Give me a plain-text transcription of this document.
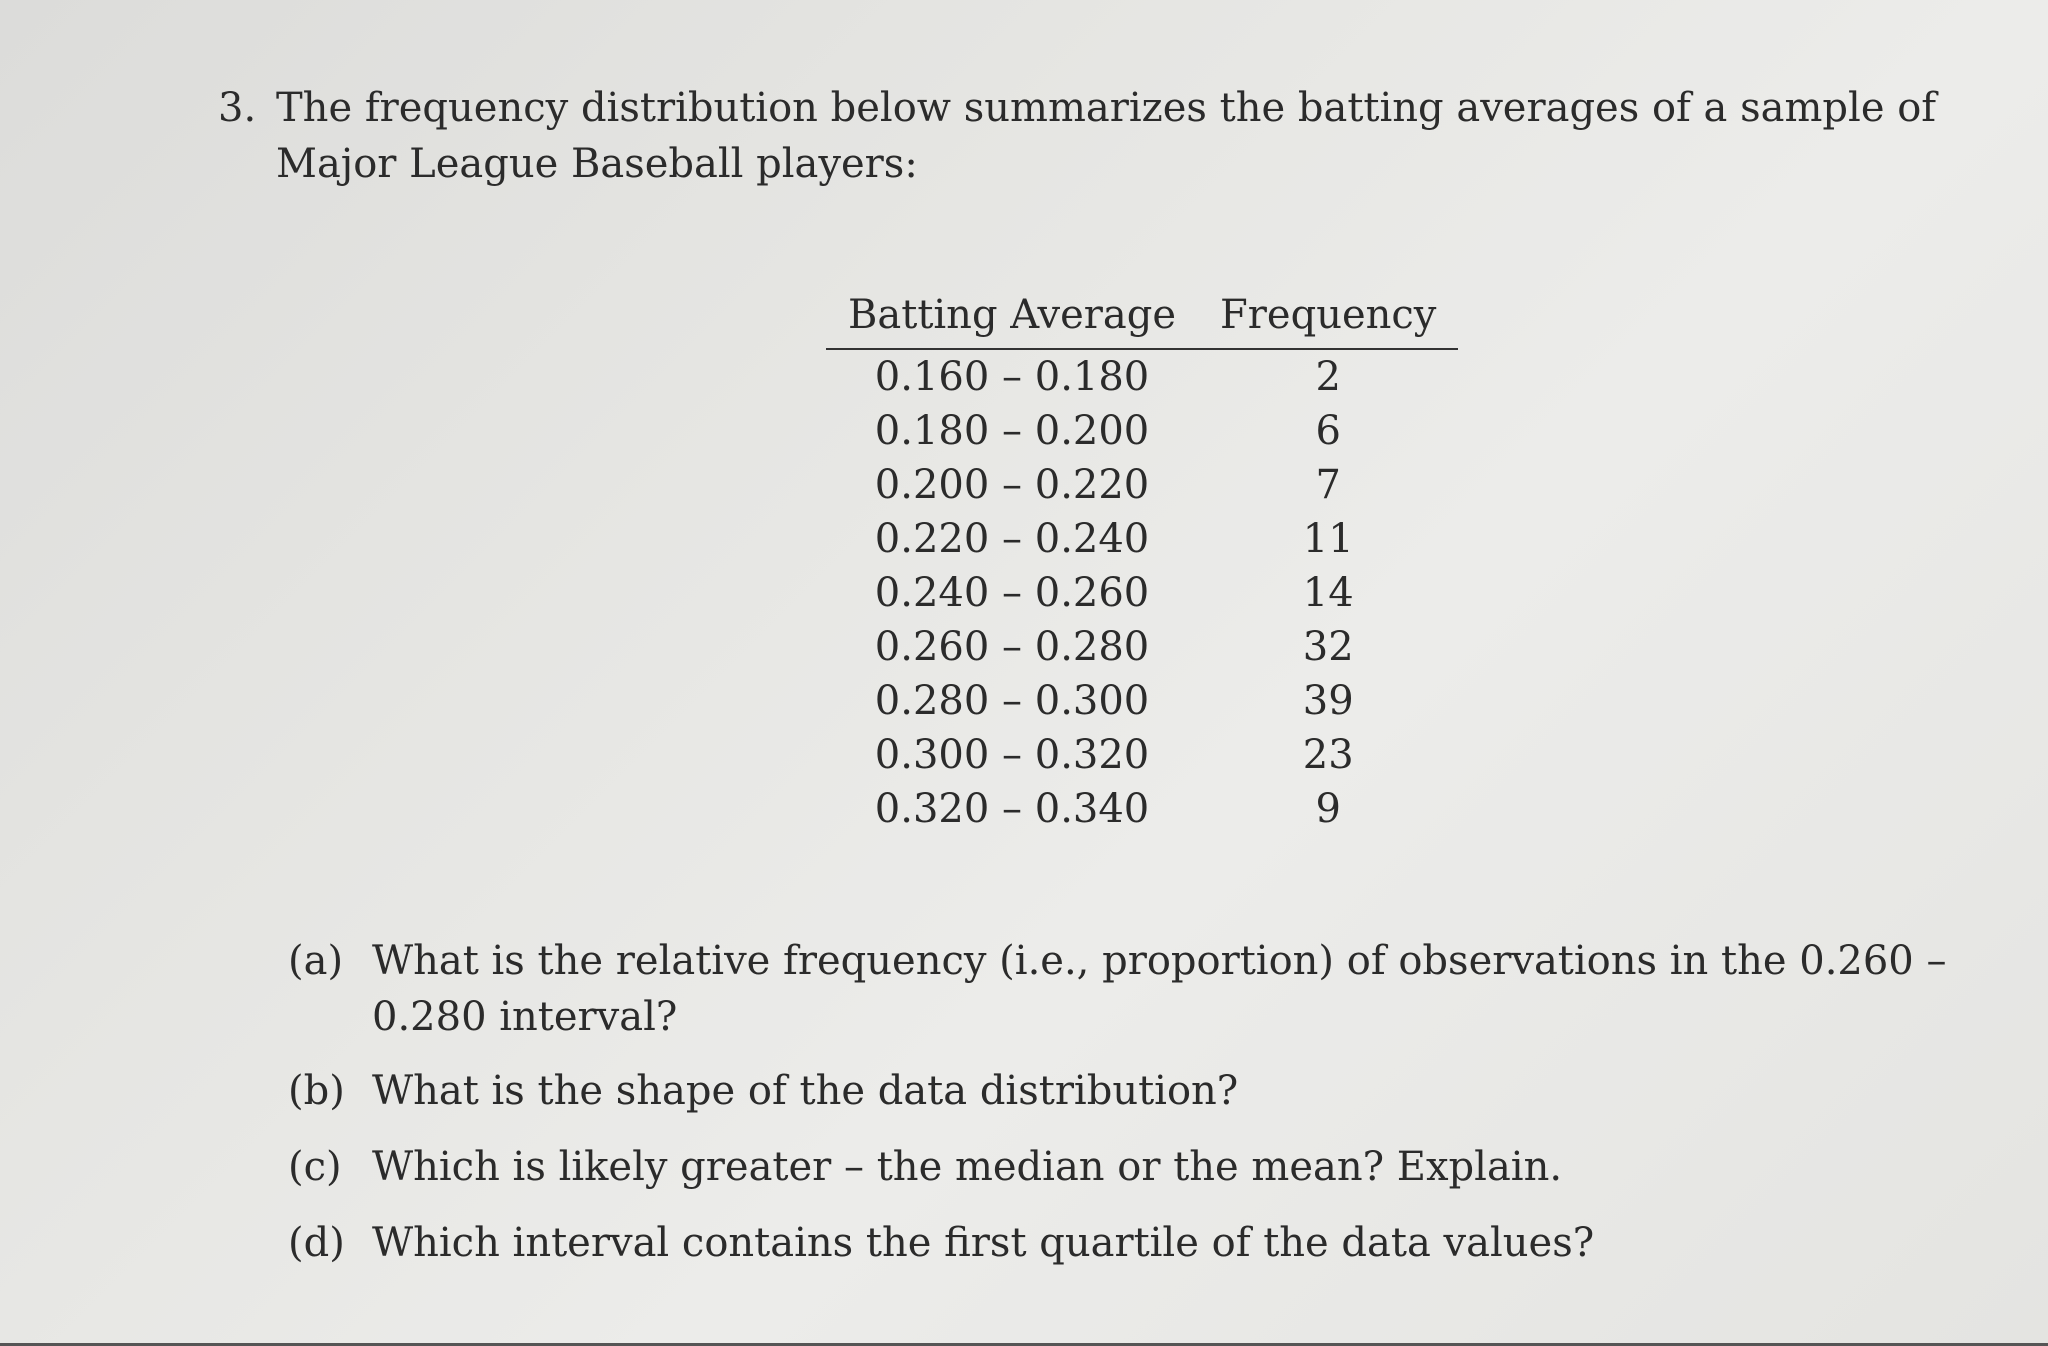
3. The frequency distribution below summarizes the batting averages of a sample of Major League Baseball players:
Batting Average	Frequency
0.160 – 0.180	2
0.180 – 0.200	6
0.200 – 0.220	7
0.220 – 0.240	11
0.240 – 0.260	14
0.260 – 0.280	32
0.280 – 0.300	39
0.300 – 0.320	23
0.320 – 0.340	9
(a) What is the relative frequency (i.e., proportion) of observations in the 0.260 – 0.280 interval?
(b) What is the shape of the data distribution?
(c) Which is likely greater – the median or the mean? Explain.
(d) Which interval contains the first quartile of the data values?
